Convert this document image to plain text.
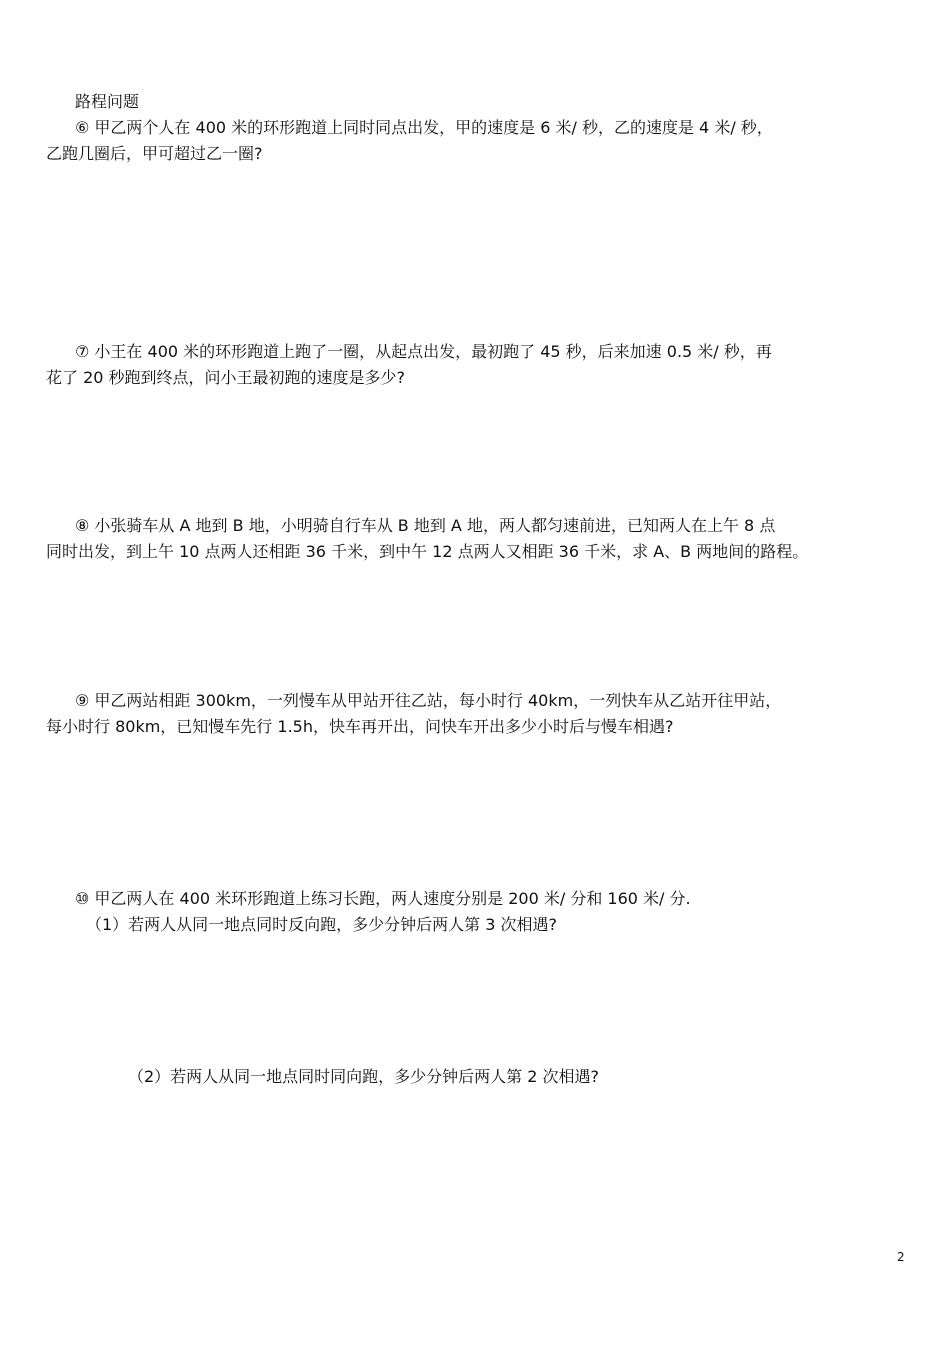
路程问题
⑥ 甲乙两个人在 400 米的环形跑道上同时同点出发，甲的速度是 6 米/ 秒，乙的速度是 4 米/ 秒，
乙跑几圈后，甲可超过乙一圈?
⑦ 小王在 400 米的环形跑道上跑了一圈，从起点出发，最初跑了 45 秒，后来加速 0.5 米/ 秒，再
花了 20 秒跑到终点，问小王最初跑的速度是多少?
⑧ 小张骑车从 A 地到 B 地，小明骑自行车从 B 地到 A 地，两人都匀速前进，已知两人在上午 8 点
同时出发，到上午 10 点两人还相距 36 千米，到中午 12 点两人又相距 36 千米，求 A、B 两地间的路程。
⑨ 甲乙两站相距 300km，一列慢车从甲站开往乙站，每小时行 40km，一列快车从乙站开往甲站，
每小时行 80km，已知慢车先行 1.5h，快车再开出，问快车开出多少小时后与慢车相遇?
⑩ 甲乙两人在 400 米环形跑道上练习长跑，两人速度分别是 200 米/ 分和 160 米/ 分.
（1）若两人从同一地点同时反向跑，多少分钟后两人第 3 次相遇?
（2）若两人从同一地点同时同向跑，多少分钟后两人第 2 次相遇?
2
